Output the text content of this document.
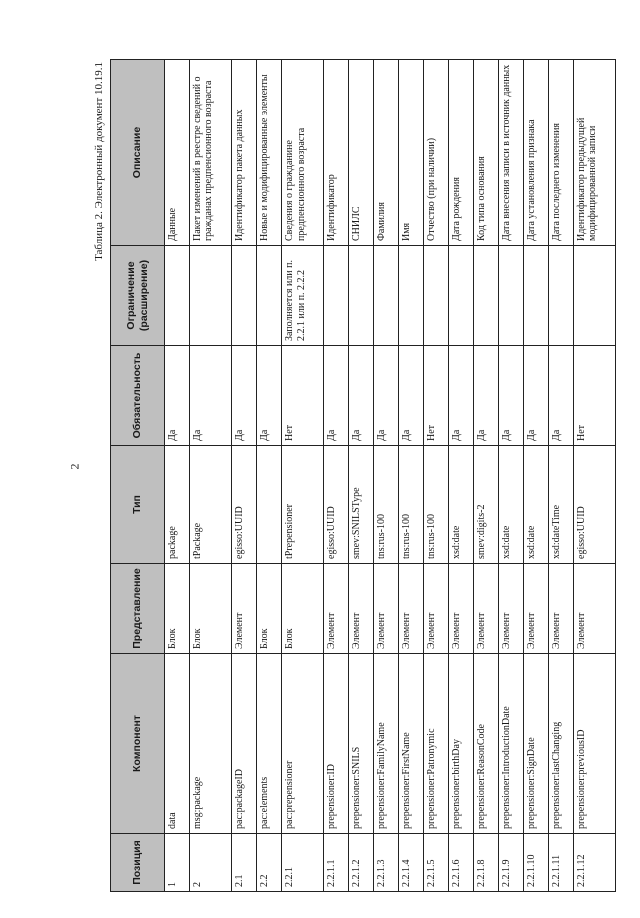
2
Таблица 2. Электронный документ 10.19.1
Позиция	Компонент	Представление	Тип	Обязательность	Ограничение (расширение)	Описание
1	data	Блок	package	Да		Данные
2	msg:package	Блок	tPackage	Да		Пакет изменений в реестре сведений о гражданах предпенсионного возраста
2.1	pac:packageID	Элемент	egisso:UUID	Да		Идентификатор пакета данных
2.2	pac:elements	Блок		Да		Новые и модифицированные элементы
2.2.1	pac:prepensioner	Блок	tPrepensioner	Нет	Заполняется или п. 2.2.1 или п. 2.2.2	Сведения о гражданине предпенсионного возраста
2.2.1.1	prepensioner:ID	Элемент	egisso:UUID	Да		Идентификатор
2.2.1.2	prepensioner:SNILS	Элемент	smev:SNILSType	Да		СНИЛС
2.2.1.3	prepensioner:FamilyName	Элемент	tns:rus-100	Да		Фамилия
2.2.1.4	prepensioner:FirstName	Элемент	tns:rus-100	Да		Имя
2.2.1.5	prepensioner:Patronymic	Элемент	tns:rus-100	Нет		Отчество (при наличии)
2.2.1.6	prepensioner:birthDay	Элемент	xsd:date	Да		Дата рождения
2.2.1.8	prepensioner:ReasonCode	Элемент	smev:digits-2	Да		Код типа основания
2.2.1.9	prepensioner:IntroductionDate	Элемент	xsd:date	Да		Дата внесения записи в источник данных
2.2.1.10	prepensioner:SignDate	Элемент	xsd:date	Да		Дата установления признака
2.2.1.11	prepensioner:lastChanging	Элемент	xsd:dateTime	Да		Дата последнего изменения
2.2.1.12	prepensioner:previousID	Элемент	egisso:UUID	Нет		Идентификатор предыдущей модифицированной записи
